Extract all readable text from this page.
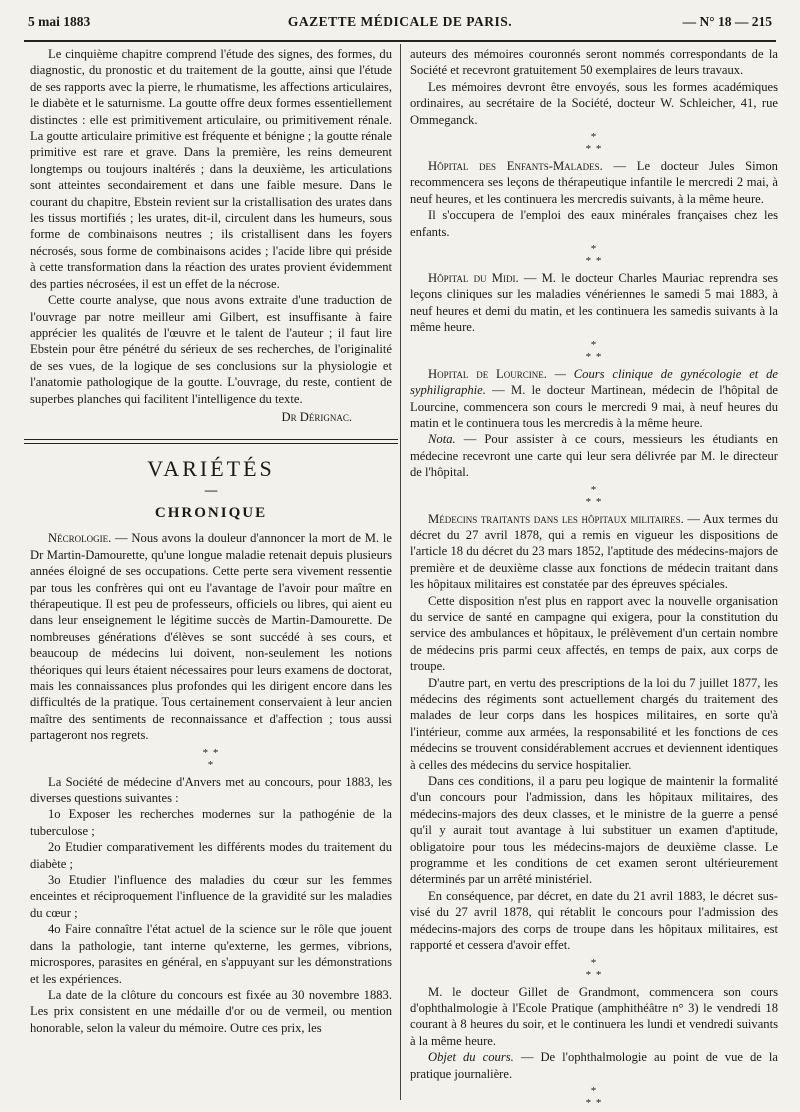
5 mai 1883	GAZETTE MÉDICALE DE PARIS.	— N° 18 — 215

Le cinquième chapitre comprend l'étude des signes, des formes, du diagnostic, du pronostic et du traitement de la goutte, ainsi que l'étude de ses rapports avec la pierre, le rhumatisme, les affections articulaires, le diabète et le saturnisme. La goutte offre deux formes essentiellement distinctes : elle est primitivement articulaire, ou primitivement rénale. La goutte articulaire primitive est fréquente et bénigne ; la goutte rénale primitive est rare et grave. Dans la première, les reins demeurent longtemps ou toujours inaltérés ; dans la deuxième, les articulations sont atteintes secondairement et dans une faible mesure. Dans le courant du chapitre, Ebstein revient sur la cristallisation des urates dans les tissus mortifiés ; les urates, dit-il, circulent dans les humeurs, sous forme de combinaisons neutres ; ils cristallisent dans les foyers nécrosés, sous forme de combinaisons acides ; l'acide libre qui préside à cette transformation dans la réaction des urates provient évidemment des parties nécrosées, il est un effet de la nécrose.

Cette courte analyse, que nous avons extraite d'une traduction de l'ouvrage par notre meilleur ami Gilbert, est insuffisante à faire apprécier les qualités de l'œuvre et le talent de l'auteur ; il faut lire Ebstein pour être pénétré du sérieux de ses recherches, de l'originalité de ses vues, de la logique de ses conclusions sur la physiologie et l'anatomie pathologique de la goutte. L'ouvrage, du reste, contient de superbes planches qui facilitent l'intelligence du texte.

Dr Dérignac.
VARIÉTÉS
—
CHRONIQUE

Nécrologie. — Nous avons la douleur d'annoncer la mort de M. le Dr Martin-Damourette, qu'une longue maladie retenait depuis plusieurs années éloigné de ses occupations. Cette perte sera vivement ressentie par tous les confrères qui ont eu l'avantage de l'avoir pour maître en thérapeutique. Il est peu de professeurs, officiels ou libres, qui aient eu dans leur enseignement le légitime succès de Martin-Damourette. De nombreuses générations d'élèves se sont succédé à ses cours, et beaucoup de médecins lui doivent, non-seulement les notions théoriques qui leurs étaient nécessaires pour leurs examens de doctorat, mais les connaissances plus profondes qui les dirigent encore dans les difficultés de la pratique. Tous certainement conservaient à leur ancien maître des sentiments de reconnaissance et d'affection ; tous aussi partageront nos regrets.

* *
*

La Société de médecine d'Anvers met au concours, pour 1883, les diverses questions suivantes :

1o Exposer les recherches modernes sur la pathogénie de la tuberculose ;

2o Etudier comparativement les différents modes du traitement du diabète ;

3o Etudier l'influence des maladies du cœur sur les femmes enceintes et réciproquement l'influence de la gravidité sur les maladies du cœur ;

4o Faire connaître l'état actuel de la science sur le rôle que jouent dans la pathologie, tant interne qu'externe, les germes, vibrions, microspores, parasites en général, en s'appuyant sur les démonstrations et les expériences.

La date de la clôture du concours est fixée au 30 novembre 1883. Les prix consistent en une médaille d'or ou de vermeil, ou mention honorable, selon la valeur du mémoire. Outre ces prix, les

auteurs des mémoires couronnés seront nommés correspondants de la Société et recevront gratuitement 50 exemplaires de leurs travaux.

Les mémoires devront être envoyés, sous les formes académiques ordinaires, au secrétaire de la Société, docteur W. Schleicher, 41, rue Ommeganck.

*
* *

Hôpital des Enfants-Malades. — Le docteur Jules Simon recommencera ses leçons de thérapeutique infantile le mercredi 2 mai, à neuf heures, et les continuera les mercredis suivants, à la même heure.

Il s'occupera de l'emploi des eaux minérales françaises chez les enfants.

*
* *

Hôpital du Midi. — M. le docteur Charles Mauriac reprendra ses leçons cliniques sur les maladies vénériennes le samedi 5 mai 1883, à neuf heures et demi du matin, et les continuera les samedis suivants à la même heure.

*
* *

Hopital de Lourcine. — Cours clinique de gynécologie et de syphiligraphie. — M. le docteur Martinean, médecin de l'hôpital de Lourcine, commencera son cours le mercredi 9 mai, à neuf heures du matin et le continuera tous les mercredis à la même heure.

Nota. — Pour assister à ce cours, messieurs les étudiants en médecine recevront une carte qui leur sera délivrée par M. le directeur de l'hôpital.

*
* *

Médecins traitants dans les hôpitaux militaires. — Aux termes du décret du 27 avril 1878, qui a remis en vigueur les dispositions de l'article 18 du décret du 23 mars 1852, l'aptitude des médecins-majors de première et de deuxième classe aux fonctions de médecin traitant dans les hôpitaux militaires est constatée par des épreuves spéciales.

Cette disposition n'est plus en rapport avec la nouvelle organisation du service de santé en campagne qui exigera, pour la constitution du service des ambulances et hôpitaux, le prélèvement d'un certain nombre de médecins pris parmi ceux affectés, en temps de paix, aux corps de troupe.

D'autre part, en vertu des prescriptions de la loi du 7 juillet 1877, les médecins des régiments sont actuellement chargés du traitement des malades de leur corps dans les hospices militaires, en sorte qu'à l'intérieur, comme aux armées, la responsabilité et les fonctions de ces médecins se trouvent considérablement accrues et deviennent identiques à celles des médecins du service hospitalier.

Dans ces conditions, il a paru peu logique de maintenir la formalité d'un concours pour l'admission, dans les hôpitaux militaires, des médecins-majors des deux classes, et le ministre de la guerre a pensé qu'il y aurait tout avantage à lui substituer un examen d'aptitude, obligatoire pour tous les médecins-majors de deuxième classe. Le programme et les conditions de cet examen seront ultérieurement déterminés par un arrêté ministériel.

En conséquence, par décret, en date du 21 avril 1883, le décret sus-visé du 27 avril 1878, qui rétablit le concours pour l'admission des médecins-majors des corps de troupe dans les hôpitaux militaires, est rapporté et cessera d'avoir effet.

*
* *

M. le docteur Gillet de Grandmont, commencera son cours d'ophthalmologie à l'Ecole Pratique (amphithéâtre n° 3) le vendredi 18 courant à 8 heures du soir, et le continuera les lundi et vendredi suivants à la même heure.

Objet du cours. — De l'ophthalmologie au point de vue de la pratique journalière.

*
* *
